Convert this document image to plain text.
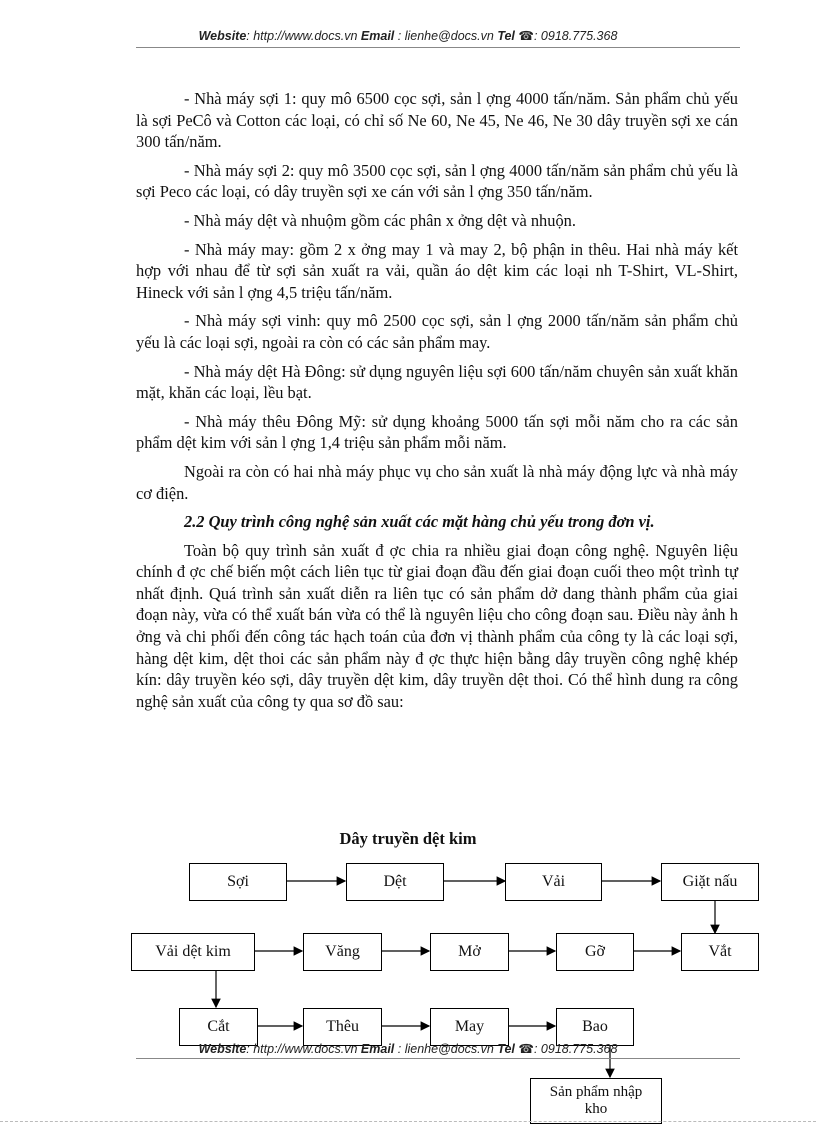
Website: http://www.docs.vn Email : lienhe@docs.vn Tel ☎: 0918.775.368

- Nhà máy sợi 1: quy mô 6500 cọc sợi, sản l ợng 4000 tấn/năm. Sản phẩm chủ yếu là sợi PeCô và Cotton các loại, có chỉ số Ne 60, Ne 45, Ne 46, Ne 30 dây truyền sợi xe cán 300 tấn/năm.

- Nhà máy sợi 2: quy mô 3500 cọc sợi, sản l ợng 4000 tấn/năm sản phẩm chủ yếu là sợi Peco các loại, có dây truyền sợi xe cán với sản l ợng 350 tấn/năm.

- Nhà máy dệt và nhuộm gồm các phân x ởng dệt và nhuộn.

- Nhà máy may: gồm 2 x ởng may 1 và may 2, bộ phận in thêu. Hai nhà máy kết hợp với nhau để từ sợi sản xuất ra vải, quần áo dệt kim các loại nh T-Shirt, VL-Shirt, Hineck với sản l ợng 4,5 triệu tấn/năm.

- Nhà máy sợi vinh: quy mô 2500 cọc sợi, sản l ợng 2000 tấn/năm sản phẩm chủ yếu là các loại sợi, ngoài ra còn có các sản phẩm may.

- Nhà máy dệt Hà Đông: sử dụng nguyên liệu sợi 600 tấn/năm chuyên sản xuất khăn mặt, khăn các loại, lều bạt.

- Nhà máy thêu Đông Mỹ: sử dụng khoảng 5000 tấn sợi mỗi năm cho ra các sản phẩm dệt kim với sản l ợng 1,4 triệu sản phẩm mỗi năm.

Ngoài ra còn có hai nhà máy phục vụ cho sản xuất là nhà máy động lực và nhà máy cơ điện.

2.2 Quy trình công nghệ sản xuất các mặt hàng chủ yếu trong đơn vị.

Toàn bộ quy trình sản xuất đ ợc chia ra nhiều giai đoạn công nghệ. Nguyên liệu chính đ ợc chế biến một cách liên tục từ giai đoạn đầu đến giai đoạn cuối theo một trình tự nhất định. Quá trình sản xuất diễn ra liên tục có sản phẩm dở dang thành phẩm của giai đoạn này, vừa có thể xuất bán vừa có thể là nguyên liệu cho công đoạn sau. Điều này ảnh h ởng và chi phối đến công tác hạch toán của đơn vị thành phẩm của công ty là các loại sợi, hàng dệt kim, dệt thoi các sản phẩm này đ ợc thực hiện bằng dây truyền công nghệ khép kín: dây truyền kéo sợi, dây truyền dệt kim, dây truyền dệt thoi. Có thể hình dung ra công nghệ sản xuất của công ty qua sơ đồ sau:

Dây truyền dệt kim
Sợi	Dệt	Vải	Giặt nấu
Vải dệt kim	Văng	Mở	Gỡ	Vắt
Cắt	Thêu	May	Bao
Sản phẩm nhập kho
Website: http://www.docs.vn Email : lienhe@docs.vn Tel ☎: 0918.775.368
